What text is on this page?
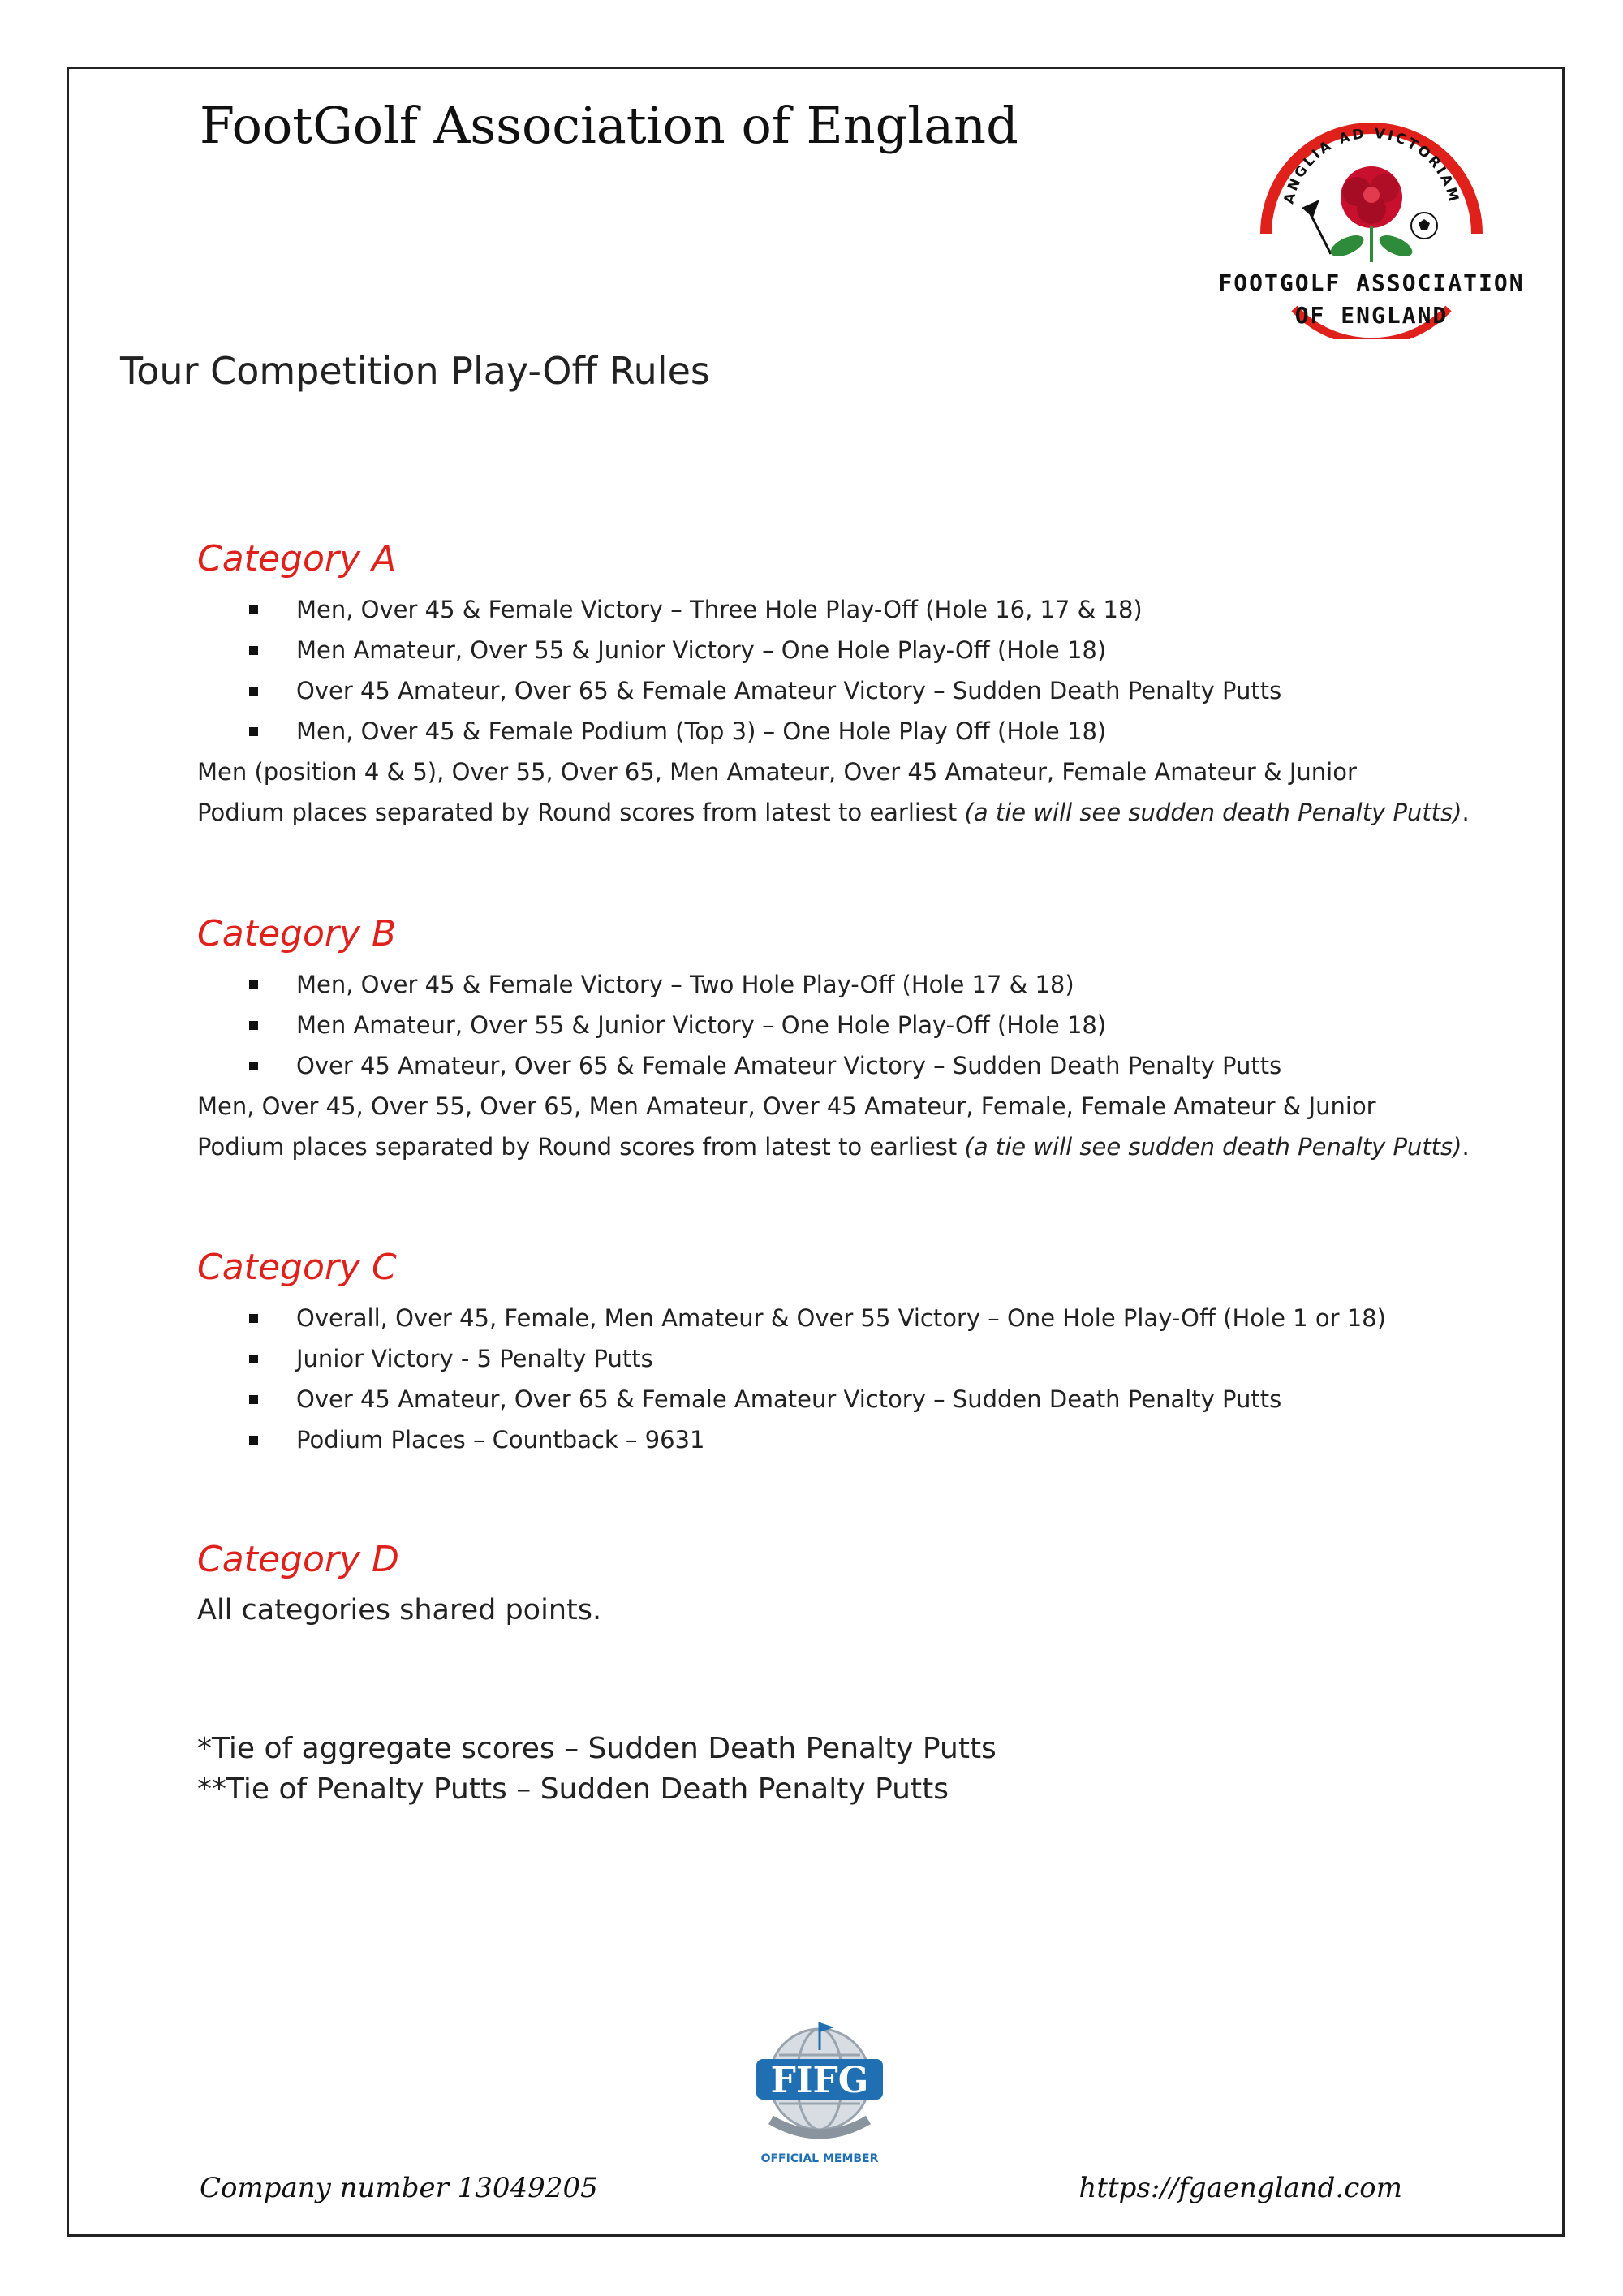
FootGolf Association of England
ANGLIA AD VICTORIAM
FOOTGOLF ASSOCIATION
OF ENGLAND
Tour Competition Play-Off Rules
Category A
Men, Over 45 & Female Victory – Three Hole Play-Off (Hole 16, 17 & 18)
Men Amateur, Over 55 & Junior Victory – One Hole Play-Off (Hole 18)
Over 45 Amateur, Over 65 & Female Amateur Victory – Sudden Death Penalty Putts
Men, Over 45 & Female Podium (Top 3) – One Hole Play Off (Hole 18)

Men (position 4 & 5), Over 55, Over 65, Men Amateur, Over 45 Amateur, Female Amateur & Junior

Podium places separated by Round scores from latest to earliest (a tie will see sudden death Penalty Putts).

Category B
Men, Over 45 & Female Victory – Two Hole Play-Off (Hole 17 & 18)
Men Amateur, Over 55 & Junior Victory – One Hole Play-Off (Hole 18)
Over 45 Amateur, Over 65 & Female Amateur Victory – Sudden Death Penalty Putts

Men, Over 45, Over 55, Over 65, Men Amateur, Over 45 Amateur, Female, Female Amateur & Junior

Podium places separated by Round scores from latest to earliest (a tie will see sudden death Penalty Putts).

Category C
Overall, Over 45, Female, Men Amateur & Over 55 Victory – One Hole Play-Off (Hole 1 or 18)
Junior Victory - 5 Penalty Putts
Over 45 Amateur, Over 65 & Female Amateur Victory – Sudden Death Penalty Putts
Podium Places – Countback – 9631
Category D

All categories shared points.

*Tie of aggregate scores – Sudden Death Penalty Putts

**Tie of Penalty Putts – Sudden Death Penalty Putts

FIFG
OFFICIAL MEMBER
Company number 13049205	https://fgaengland.com
